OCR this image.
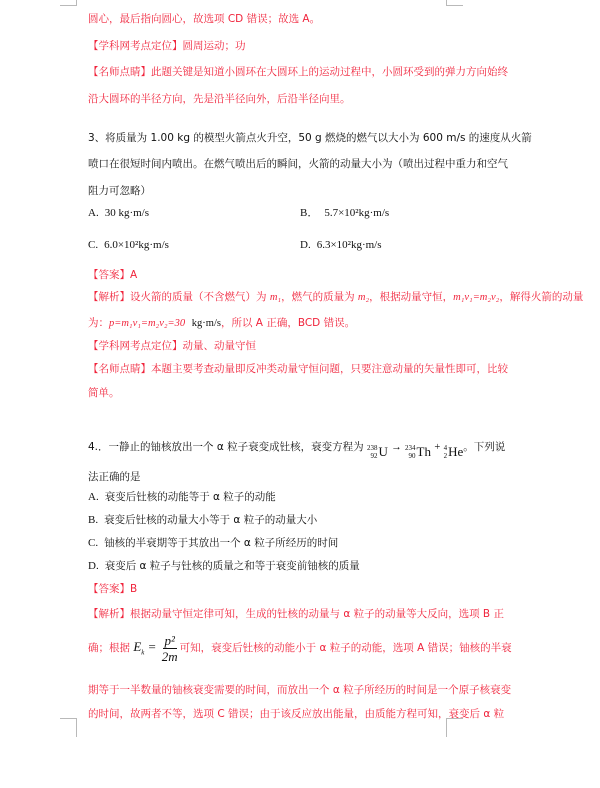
圆心，最后指向圆心，故选项 CD 错误；故选 A。
【学科网考点定位】圆周运动；功
【名师点睛】此题关键是知道小圆环在大圆环上的运动过程中，小圆环受到的弹力方向始终
沿大圆环的半径方向，先是沿半径向外，后沿半径向里。
3、将质量为 1.00 kg 的模型火箭点火升空，50 g 燃烧的燃气以大小为 600 m/s 的速度从火箭
喷口在很短时间内喷出。在燃气喷出后的瞬间，火箭的动量大小为（喷出过程中重力和空气
阻力可忽略）
A. 30 kg·m/s	B． 5.7×10²kg·m/s
C. 6.0×10²kg·m/s	D. 6.3×10²kg·m/s
【答案】A
【解析】设火箭的质量（不含燃气）为 m₁，燃气的质量为 m₂，根据动量守恒，m₁v₁=m₂v₂，解得火箭的动量
为：p=m₁v₁=m₂v₂=30 kg·m/s，所以 A 正确，BCD 错误。
【学科网考点定位】动量、动量守恒
【名师点睛】本题主要考查动量即反冲类动量守恒问题，只要注意动量的矢量性即可，比较
简单。
4.．一静止的铀核放出一个 α 粒子衰变成钍核，衰变方程为 238
92 U → 234
90 Th + 4
2 He 。下列说
法正确的是
A. 衰变后钍核的动能等于 α 粒子的动能
B. 衰变后钍核的动量大小等于 α 粒子的动量大小
C. 铀核的半衰期等于其放出一个 α 粒子所经历的时间
D. 衰变后 α 粒子与钍核的质量之和等于衰变前铀核的质量
【答案】B
【解析】根据动量守恒定律可知，生成的钍核的动量与 α 粒子的动量等大反向，选项 B 正
确；根据 $E_k = \frac{\text{p²}}{2m}$ 可知，衰变后钍核的动能小于 α 粒子的动能，选项 A 错误；铀核的半衰
期等于一半数量的铀核衰变需要的时间，而放出一个 α 粒子所经历的时间是一个原子核衰变
的时间，故两者不等，选项 C 错误；由于该反应放出能量，由质能方程可知，衰变后 α 粒
